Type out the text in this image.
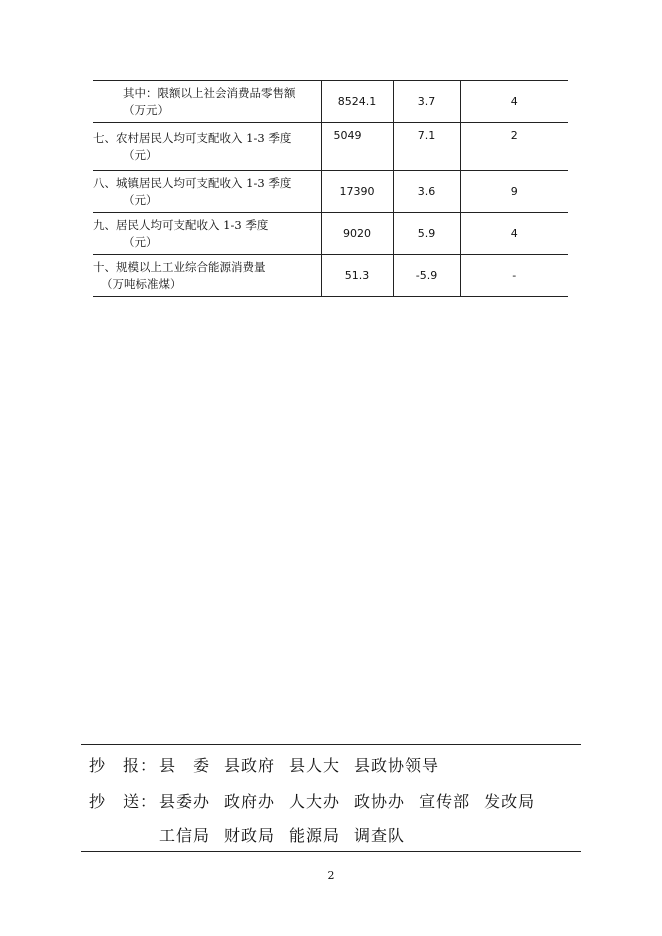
其中：限额以上社会消费品零售额
（万元）	8524.1	3.7	4

七、农村居民人均可支配收入 1-3 季度
（元）	5049	7.1	2

八、城镇居民人均可支配收入 1-3 季度
（元）	17390	3.6	9

九、居民人均可支配收入 1-3 季度
（元）	9020	5.9	4

十、规模以上工业综合能源消费量
（万吨标准煤）	51.3	-5.9	-
抄　报： 县　委 县政府 县人大 县政协领导
抄　送： 县委办 政府办 人大办 政协办 宣传部 发改局
工信局 财政局 能源局 调查队
2
